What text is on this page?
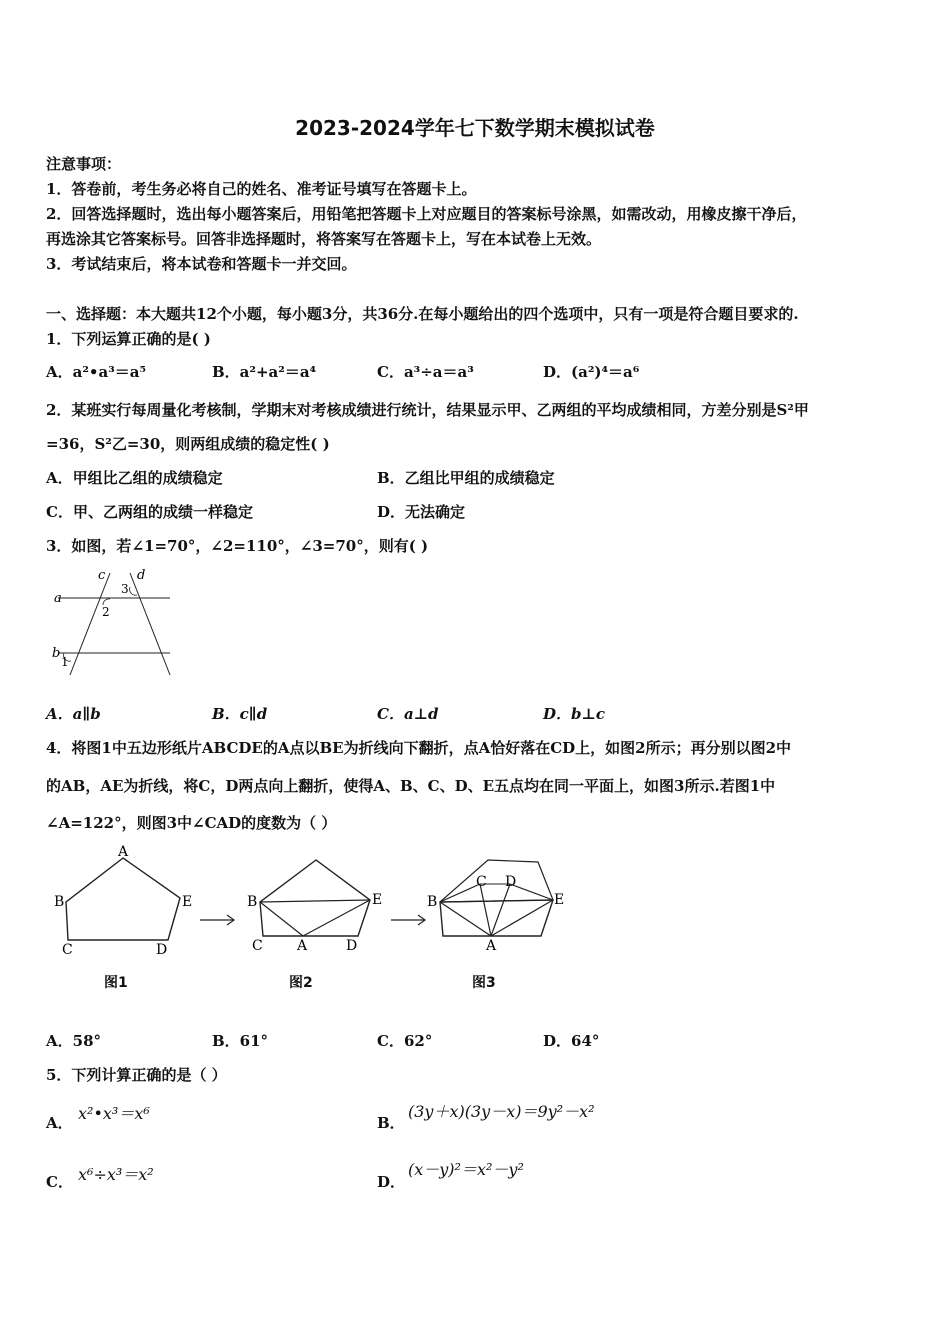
2023-2024学年七下数学期末模拟试卷
注意事项：
1．答卷前，考生务必将自己的姓名、准考证号填写在答题卡上。
2．回答选择题时，选出每小题答案后，用铅笔把答题卡上对应题目的答案标号涂黑，如需改动，用橡皮擦干净后，
再选涂其它答案标号。回答非选择题时，将答案写在答题卡上，写在本试卷上无效。
3．考试结束后，将本试卷和答题卡一并交回。
一、选择题：本大题共12个小题，每小题3分，共36分.在每小题给出的四个选项中，只有一项是符合题目要求的.
1．下列运算正确的是( )
A．a²•a³＝a⁵	B．a²+a²＝a⁴	C．a³÷a＝a³	D．(a²)⁴＝a⁶
2．某班实行每周量化考核制，学期末对考核成绩进行统计，结果显示甲、乙两组的平均成绩相同，方差分别是S²甲
=36，S²乙=30，则两组成绩的稳定性( )
A．甲组比乙组的成绩稳定	B．乙组比甲组的成绩稳定
C．甲、乙两组的成绩一样稳定	D．无法确定
3．如图，若∠1=70°，∠2=110°，∠3=70°，则有( )
a
b
c d
1
2
3
A．a∥b	B．c∥d	C．a⊥d	D．b⊥c
4．将图1中五边形纸片ABCDE的A点以BE为折线向下翻折，点A恰好落在CD上，如图2所示；再分别以图2中
的AB，AE为折线，将C，D两点向上翻折，使得A、B、C、D、E五点均在同一平面上，如图3所示.若图1中
∠A=122°，则图3中∠CAD的度数为（ ）
A
B
C	D
E	B	E
C A	D
B	E
C D
A
图1	图2	图3
A．58°	B．61°	C．62°	D．64°
5．下列计算正确的是（ ）
A． x²•x³＝x⁶	B．
(3y＋x)(3y－x)＝9y²－x²
C． x⁶÷x³＝x²	D．
(x－y)²＝x²－y²
